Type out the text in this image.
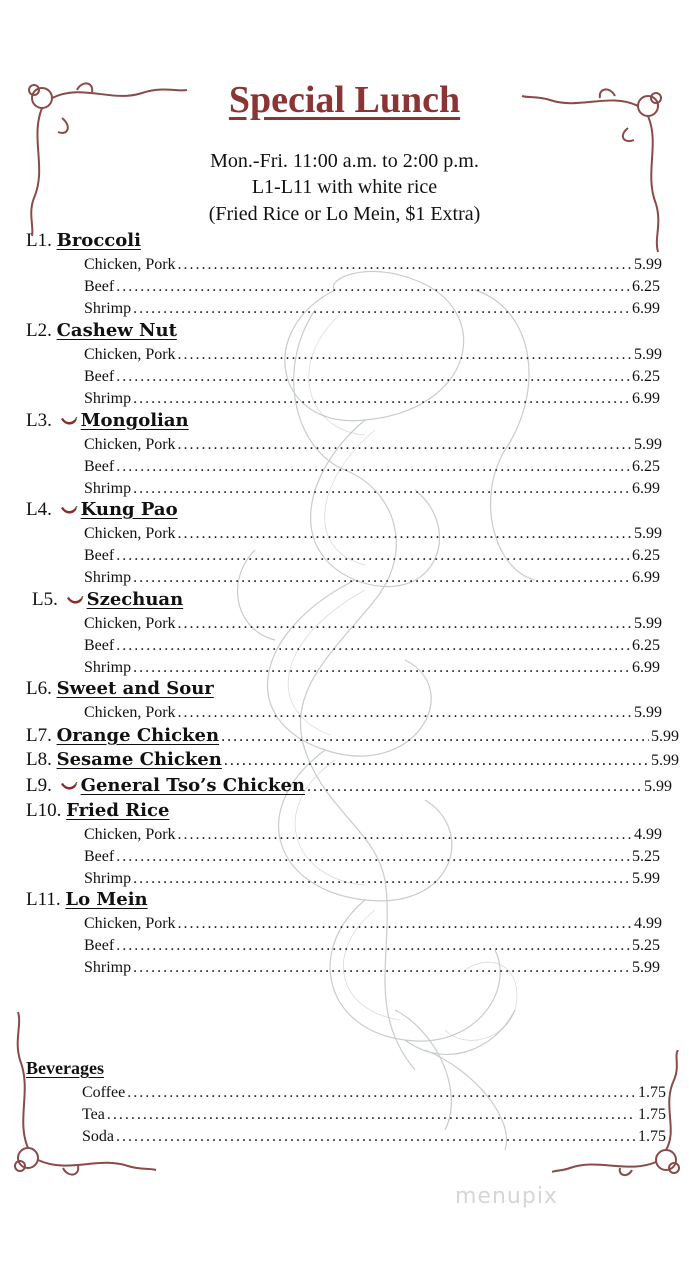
Special Lunch
Mon.-Fri. 11:00 a.m. to 2:00 p.m.
L1-L11 with white rice
(Fried Rice or Lo Mein, $1 Extra)
L1. Broccoli
Chicken, Pork .....	5.99
Beef .....	6.25
Shrimp .....	6.99
L2. Cashew Nut
Chicken, Pork .....	5.99
Beef .....	6.25
Shrimp .....	6.99
L3. Mongolian
Chicken, Pork .....	5.99
Beef .....	6.25
Shrimp .....	6.99
L4. Kung Pao
Chicken, Pork .....	5.99
Beef .....	6.25
Shrimp .....	6.99
L5. Szechuan
Chicken, Pork .....	5.99
Beef .....	6.25
Shrimp .....	6.99
L6. Sweet and Sour
Chicken, Pork .....	5.99
L7. Orange Chicken .....	5.99
L8. Sesame Chicken .....	5.99
L9. General Tso’s Chicken .....	5.99
L10. Fried Rice
Chicken, Pork .....	4.99
Beef .....	5.25
Shrimp .....	5.99
L11. Lo Mein
Chicken, Pork .....	4.99
Beef .....	5.25
Shrimp .....	5.99
Beverages
Coffee .....	1.75
Tea .....	1.75
Soda .....	1.75
menupix
